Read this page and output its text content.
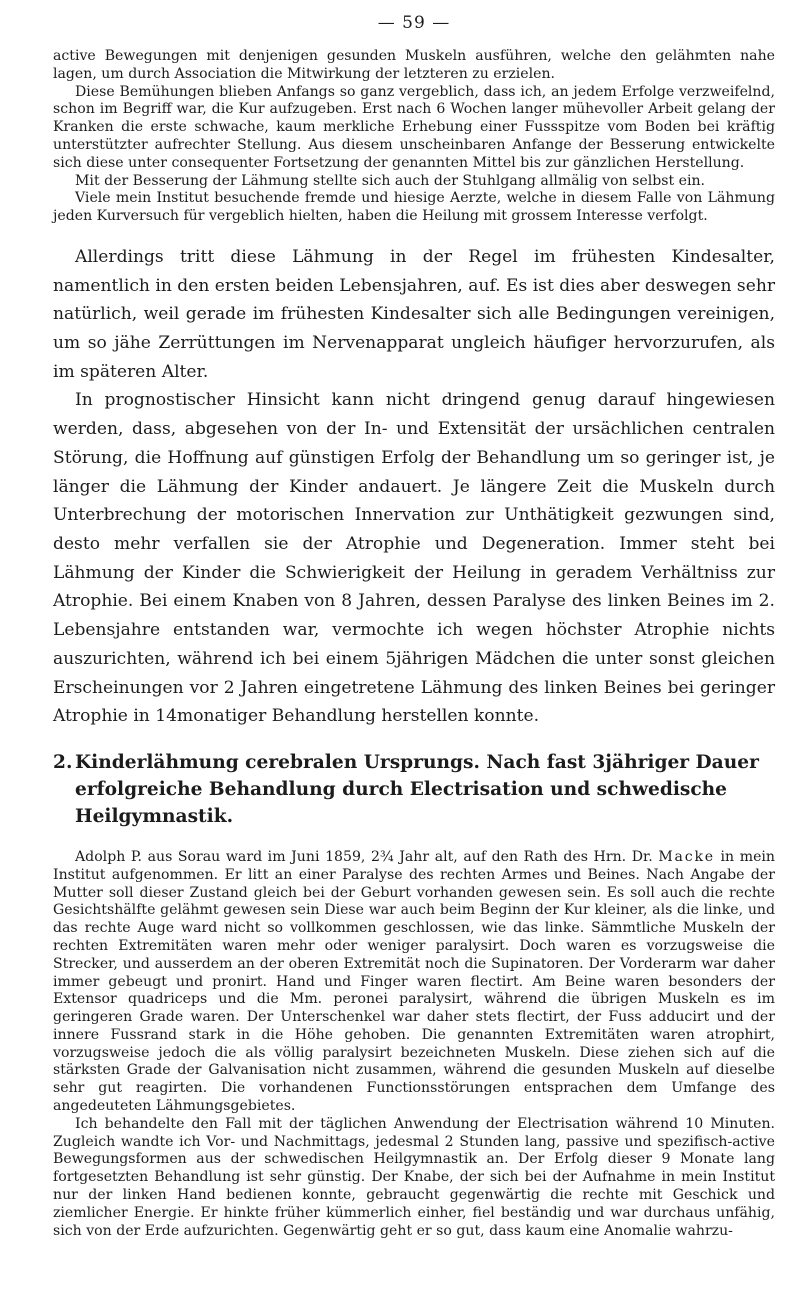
— 59 —

active Bewegungen mit denjenigen gesunden Muskeln ausführen, welche den gelähmten nahe lagen, um durch Association die Mitwirkung der letzteren zu erzielen.

Diese Bemühungen blieben Anfangs so ganz vergeblich, dass ich, an jedem Erfolge verzweifelnd, schon im Begriff war, die Kur aufzugeben. Erst nach 6 Wochen langer mühevoller Arbeit gelang der Kranken die erste schwache, kaum merkliche Erhebung einer Fussspitze vom Boden bei kräftig unterstützter aufrechter Stellung. Aus diesem unscheinbaren Anfange der Besserung entwickelte sich diese unter consequenter Fortsetzung der genannten Mittel bis zur gänzlichen Herstellung.

Mit der Besserung der Lähmung stellte sich auch der Stuhlgang allmälig von selbst ein.

Viele mein Institut besuchende fremde und hiesige Aerzte, welche in diesem Falle von Lähmung jeden Kurversuch für vergeblich hielten, haben die Heilung mit grossem Interesse verfolgt.

Allerdings tritt diese Lähmung in der Regel im frühesten Kindesalter, namentlich in den ersten beiden Lebensjahren, auf. Es ist dies aber deswegen sehr natürlich, weil gerade im frühesten Kindesalter sich alle Bedingungen vereinigen, um so jähe Zerrüttungen im Nervenapparat ungleich häufiger hervorzurufen, als im späteren Alter.

In prognostischer Hinsicht kann nicht dringend genug darauf hingewiesen werden, dass, abgesehen von der In- und Extensität der ursächlichen centralen Störung, die Hoffnung auf günstigen Erfolg der Behandlung um so geringer ist, je länger die Lähmung der Kinder andauert. Je längere Zeit die Muskeln durch Unterbrechung der motorischen Innervation zur Unthätigkeit gezwungen sind, desto mehr verfallen sie der Atrophie und Degeneration. Immer steht bei Lähmung der Kinder die Schwierigkeit der Heilung in geradem Verhältniss zur Atrophie. Bei einem Knaben von 8 Jahren, dessen Paralyse des linken Beines im 2. Lebensjahre entstanden war, vermochte ich wegen höchster Atrophie nichts auszurichten, während ich bei einem 5jährigen Mädchen die unter sonst gleichen Erscheinungen vor 2 Jahren eingetretene Lähmung des linken Beines bei geringer Atrophie in 14monatiger Behandlung herstellen konnte.

2. Kinderlähmung cerebralen Ursprungs. Nach fast 3jähriger Dauer erfolgreiche Behandlung durch Electrisation und schwedische Heilgymnastik.

Adolph P. aus Sorau ward im Juni 1859, 2¾ Jahr alt, auf den Rath des Hrn. Dr. Macke in mein Institut aufgenommen. Er litt an einer Paralyse des rechten Armes und Beines. Nach Angabe der Mutter soll dieser Zustand gleich bei der Geburt vorhanden gewesen sein. Es soll auch die rechte Gesichtshälfte gelähmt gewesen sein Diese war auch beim Beginn der Kur kleiner, als die linke, und das rechte Auge ward nicht so vollkommen geschlossen, wie das linke. Sämmtliche Muskeln der rechten Extremitäten waren mehr oder weniger paralysirt. Doch waren es vorzugsweise die Strecker, und ausserdem an der oberen Extremität noch die Supinatoren. Der Vorderarm war daher immer gebeugt und pronirt. Hand und Finger waren flectirt. Am Beine waren besonders der Extensor quadriceps und die Mm. peronei paralysirt, während die übrigen Muskeln es im geringeren Grade waren. Der Unterschenkel war daher stets flectirt, der Fuss adducirt und der innere Fussrand stark in die Höhe gehoben. Die genannten Extremitäten waren atrophirt, vorzugsweise jedoch die als völlig paralysirt bezeichneten Muskeln. Diese ziehen sich auf die stärksten Grade der Galvanisation nicht zusammen, während die gesunden Muskeln auf dieselbe sehr gut reagirten. Die vorhandenen Functionsstörungen entsprachen dem Umfange des angedeuteten Lähmungsgebietes.

Ich behandelte den Fall mit der täglichen Anwendung der Electrisation während 10 Minuten. Zugleich wandte ich Vor- und Nachmittags, jedesmal 2 Stunden lang, passive und spezifisch-active Bewegungsformen aus der schwedischen Heilgymnastik an. Der Erfolg dieser 9 Monate lang fortgesetzten Behandlung ist sehr günstig. Der Knabe, der sich bei der Aufnahme in mein Institut nur der linken Hand bedienen konnte, gebraucht gegenwärtig die rechte mit Geschick und ziemlicher Energie. Er hinkte früher kümmerlich einher, fiel beständig und war durchaus unfähig, sich von der Erde aufzurichten. Gegenwärtig geht er so gut, dass kaum eine Anomalie wahrzu-
